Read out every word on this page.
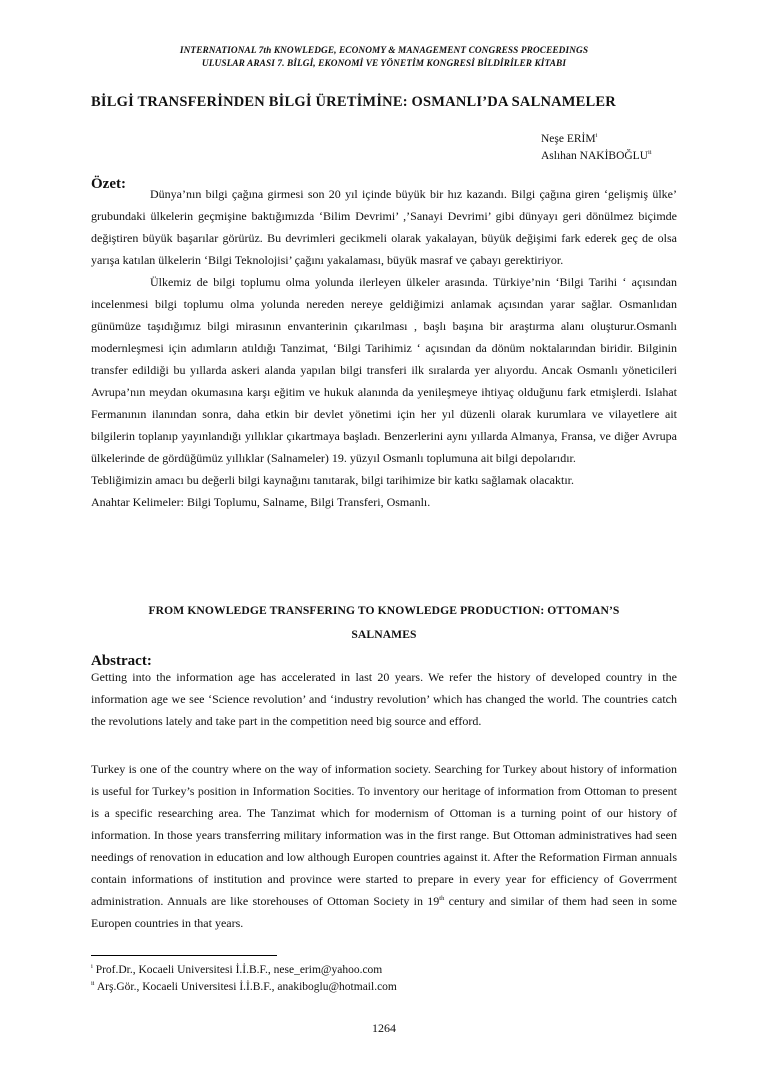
INTERNATIONAL 7th KNOWLEDGE, ECONOMY & MANAGEMENT CONGRESS PROCEEDINGS
ULUSLAR ARASI 7. BİLGİ, EKONOMİ VE YÖNETİM KONGRESİ BİLDİRİLER KİTABI
BİLGİ TRANSFERİNDEN BİLGİ ÜRETİMİNE: OSMANLI’DA SALNAMELER
Neşe ERİM$^i$
Aslıhan NAKİBOĞLU$^{ii}$
Özet:

Dünya’nın bilgi çağına girmesi son 20 yıl içinde büyük bir hız kazandı. Bilgi çağına giren ‘gelişmiş ülke’ grubundaki ülkelerin geçmişine baktığımızda ‘Bilim Devrimi’ ,’Sanayi Devrimi’ gibi dünyayı geri dönülmez biçimde değiştiren büyük başarılar görürüz. Bu devrimleri gecikmeli olarak yakalayan, büyük değişimi fark ederek geç de olsa yarışa katılan ülkelerin ‘Bilgi Teknolojisi’ çağını yakalaması, büyük masraf ve çabayı gerektiriyor.

Ülkemiz de bilgi toplumu olma yolunda ilerleyen ülkeler arasında. Türkiye’nin ‘Bilgi Tarihi ‘ açısından incelenmesi bilgi toplumu olma yolunda nereden nereye geldiğimizi anlamak açısından yarar sağlar. Osmanlıdan günümüze taşıdığımız bilgi mirasının envanterinin çıkarılması , başlı başına bir araştırma alanı oluşturur.Osmanlı modernleşmesi için adımların atıldığı Tanzimat, ‘Bilgi Tarihimiz ‘ açısından da dönüm noktalarından biridir. Bilginin transfer edildiği bu yıllarda askeri alanda yapılan bilgi transferi ilk sıralarda yer alıyordu. Ancak Osmanlı yöneticileri Avrupa’nın meydan okumasına karşı eğitim ve hukuk alanında da yenileşmeye ihtiyaç olduğunu fark etmişlerdi. Islahat Fermanının ilanından sonra, daha etkin bir devlet yönetimi için her yıl düzenli olarak kurumlara ve vilayetlere ait bilgilerin toplanıp yayınlandığı yıllıklar çıkartmaya başladı. Benzerlerini aynı yıllarda Almanya, Fransa, ve diğer Avrupa ülkelerinde de gördüğümüz yıllıklar (Salnameler) 19. yüzyıl Osmanlı toplumuna ait bilgi depolarıdır.

Tebliğimizin amacı bu değerli bilgi kaynağını tanıtarak, bilgi tarihimize bir katkı sağlamak olacaktır.

Anahtar Kelimeler: Bilgi Toplumu, Salname, Bilgi Transferi, Osmanlı.

FROM KNOWLEDGE TRANSFERING TO KNOWLEDGE PRODUCTION: OTTOMAN’S
SALNAMES
Abstract:

Getting into the information age has accelerated in last 20 years. We refer the history of developed country in the information age we see ‘Science revolution’ and ‘industry revolution’ which has changed the world. The countries catch the revolutions lately and take part in the competition need big source and efford.

Turkey is one of the country where on the way of information society. Searching for Turkey about history of information is useful for Turkey’s position in Information Socities. To inventory our heritage of information from Ottoman to present is a specific researching area. The Tanzimat which for modernism of Ottoman is a turning point of our history of information. In those years transferring military information was in the first range. But Ottoman administratives had seen needings of renovation in education and low although Europen countries against it. After the Reformation Firman annuals contain informations of institution and province were started to prepare in every year for efficiency of Goverrment administration. Annuals are like storehouses of Ottoman Society in 19th century and similar of them had seen in some Europen countries in that years.

$^i$ Prof.Dr., Kocaeli Universitesi İ.İ.B.F., nese_erim@yahoo.com
$^{ii}$ Arş.Gör., Kocaeli Universitesi İ.İ.B.F., anakiboglu@hotmail.com
1264
